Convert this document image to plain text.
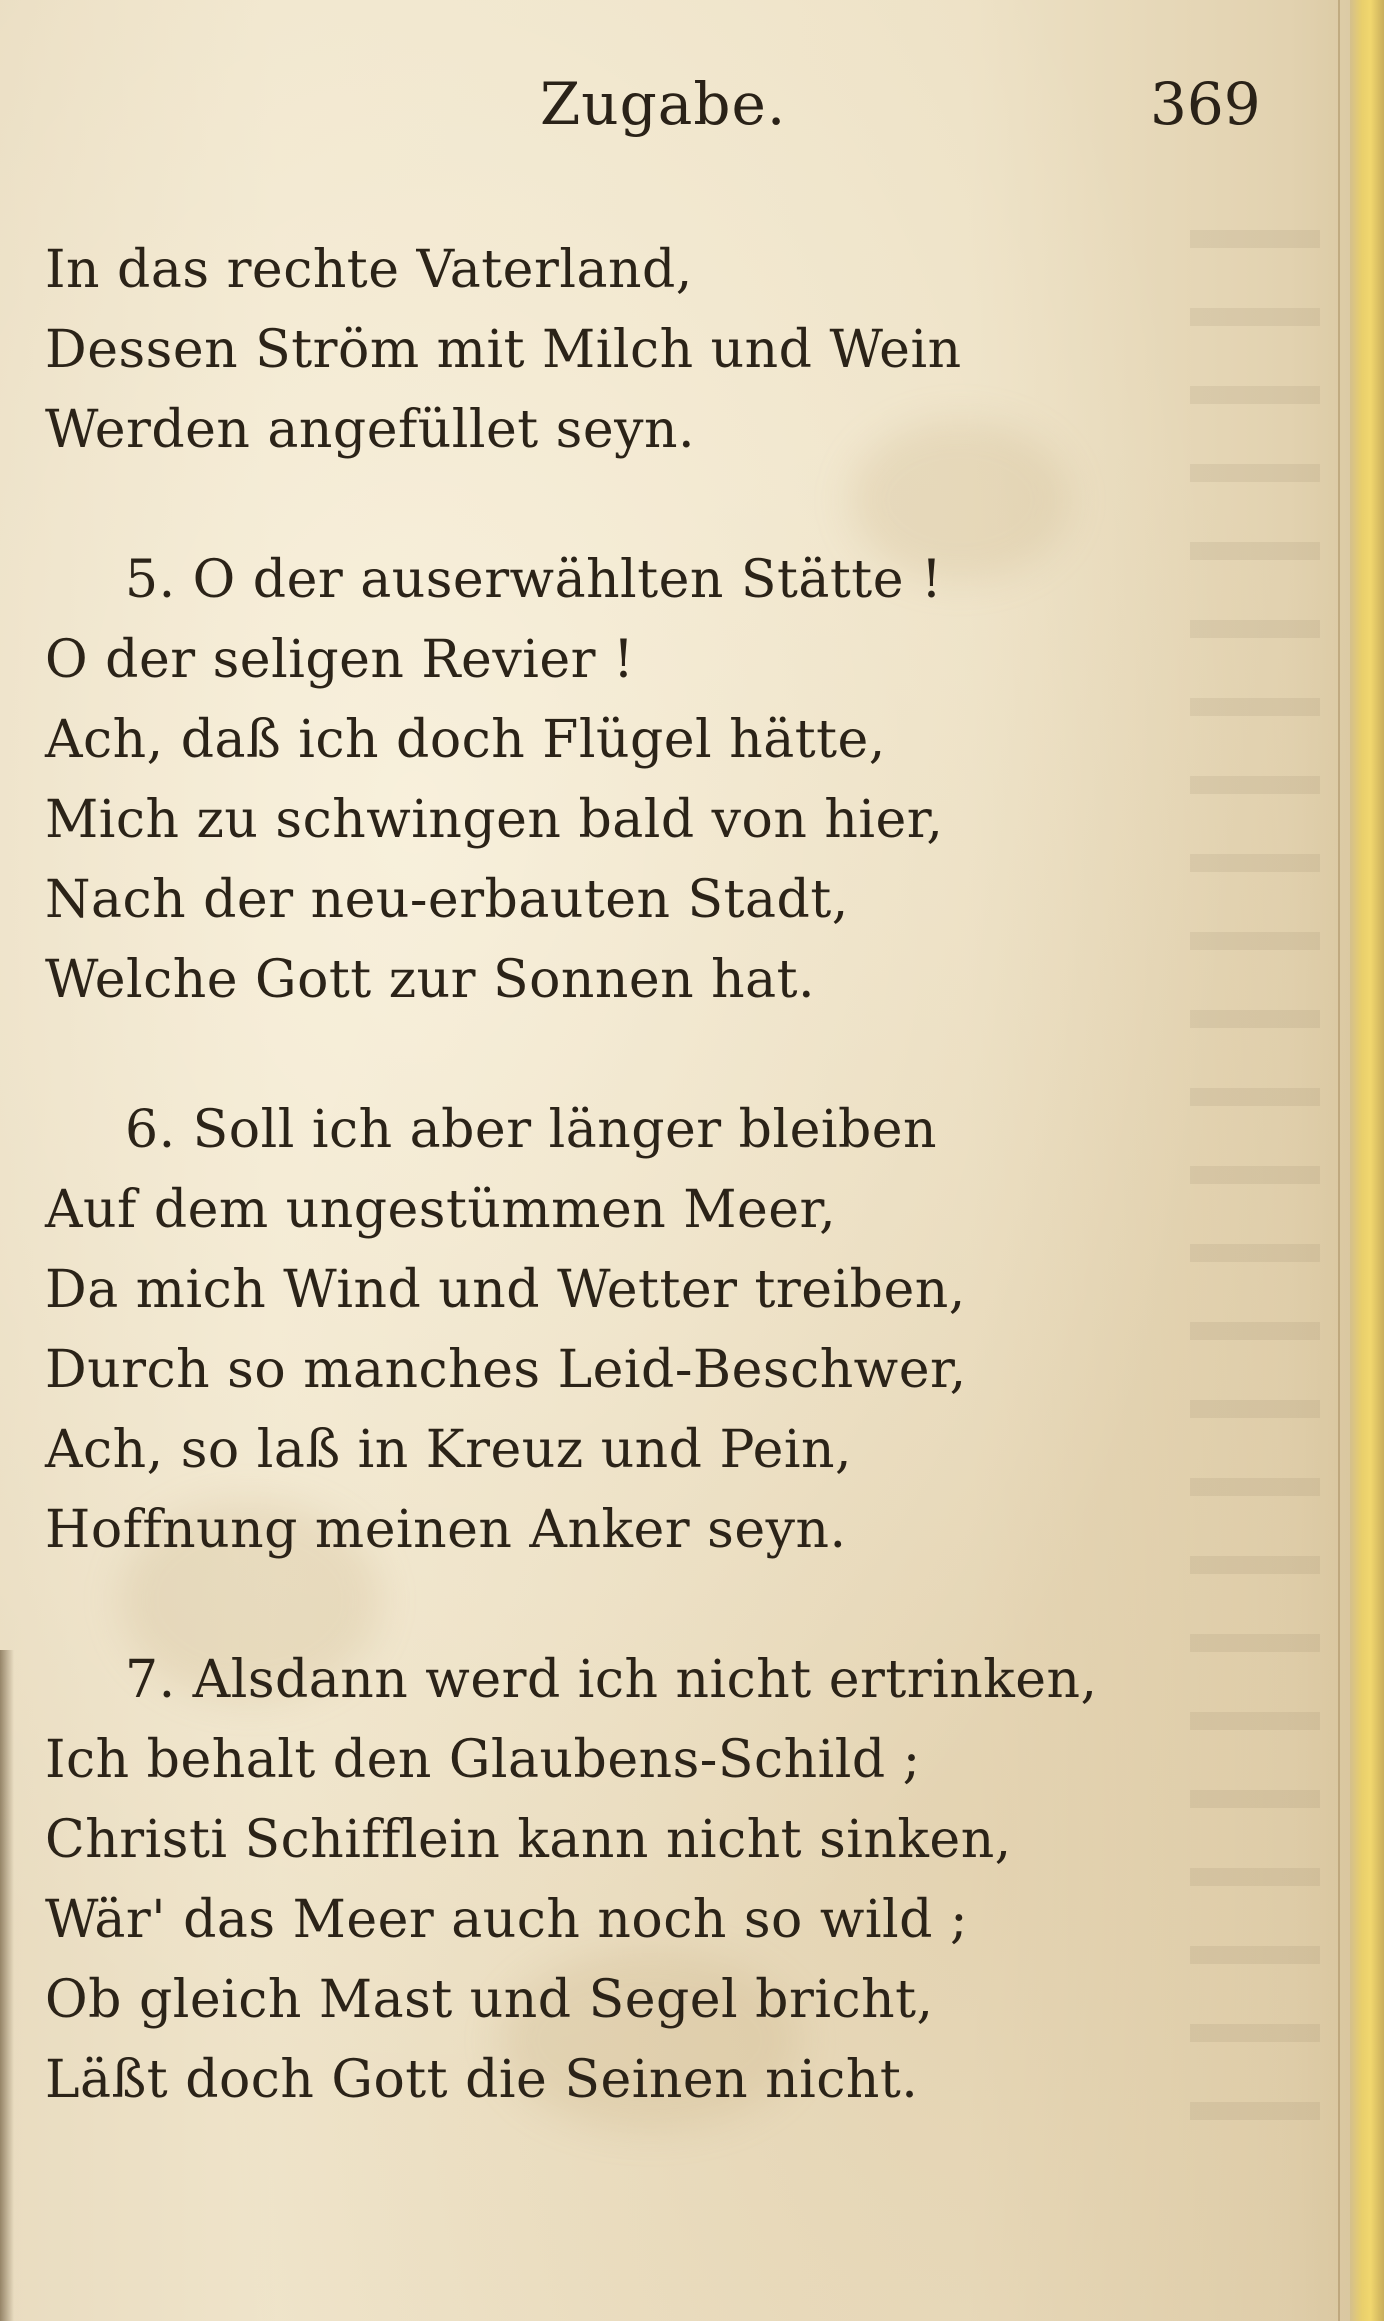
Zugabe.	369
In das rechte Vaterland,
Dessen Ström mit Milch und Wein
Werden angefüllet seyn.
5. O der auserwählten Stätte !
O der seligen Revier !
Ach, daß ich doch Flügel hätte,
Mich zu schwingen bald von hier,
Nach der neu-erbauten Stadt,
Welche Gott zur Sonnen hat.
6. Soll ich aber länger bleiben
Auf dem ungestümmen Meer,
Da mich Wind und Wetter treiben,
Durch so manches Leid-Beschwer,
Ach, so laß in Kreuz und Pein,
Hoffnung meinen Anker seyn.
7. Alsdann werd ich nicht ertrinken,
Ich behalt den Glaubens-Schild ;
Christi Schifflein kann nicht sinken,
Wär' das Meer auch noch so wild ;
Ob gleich Mast und Segel bricht,
Läßt doch Gott die Seinen nicht.
